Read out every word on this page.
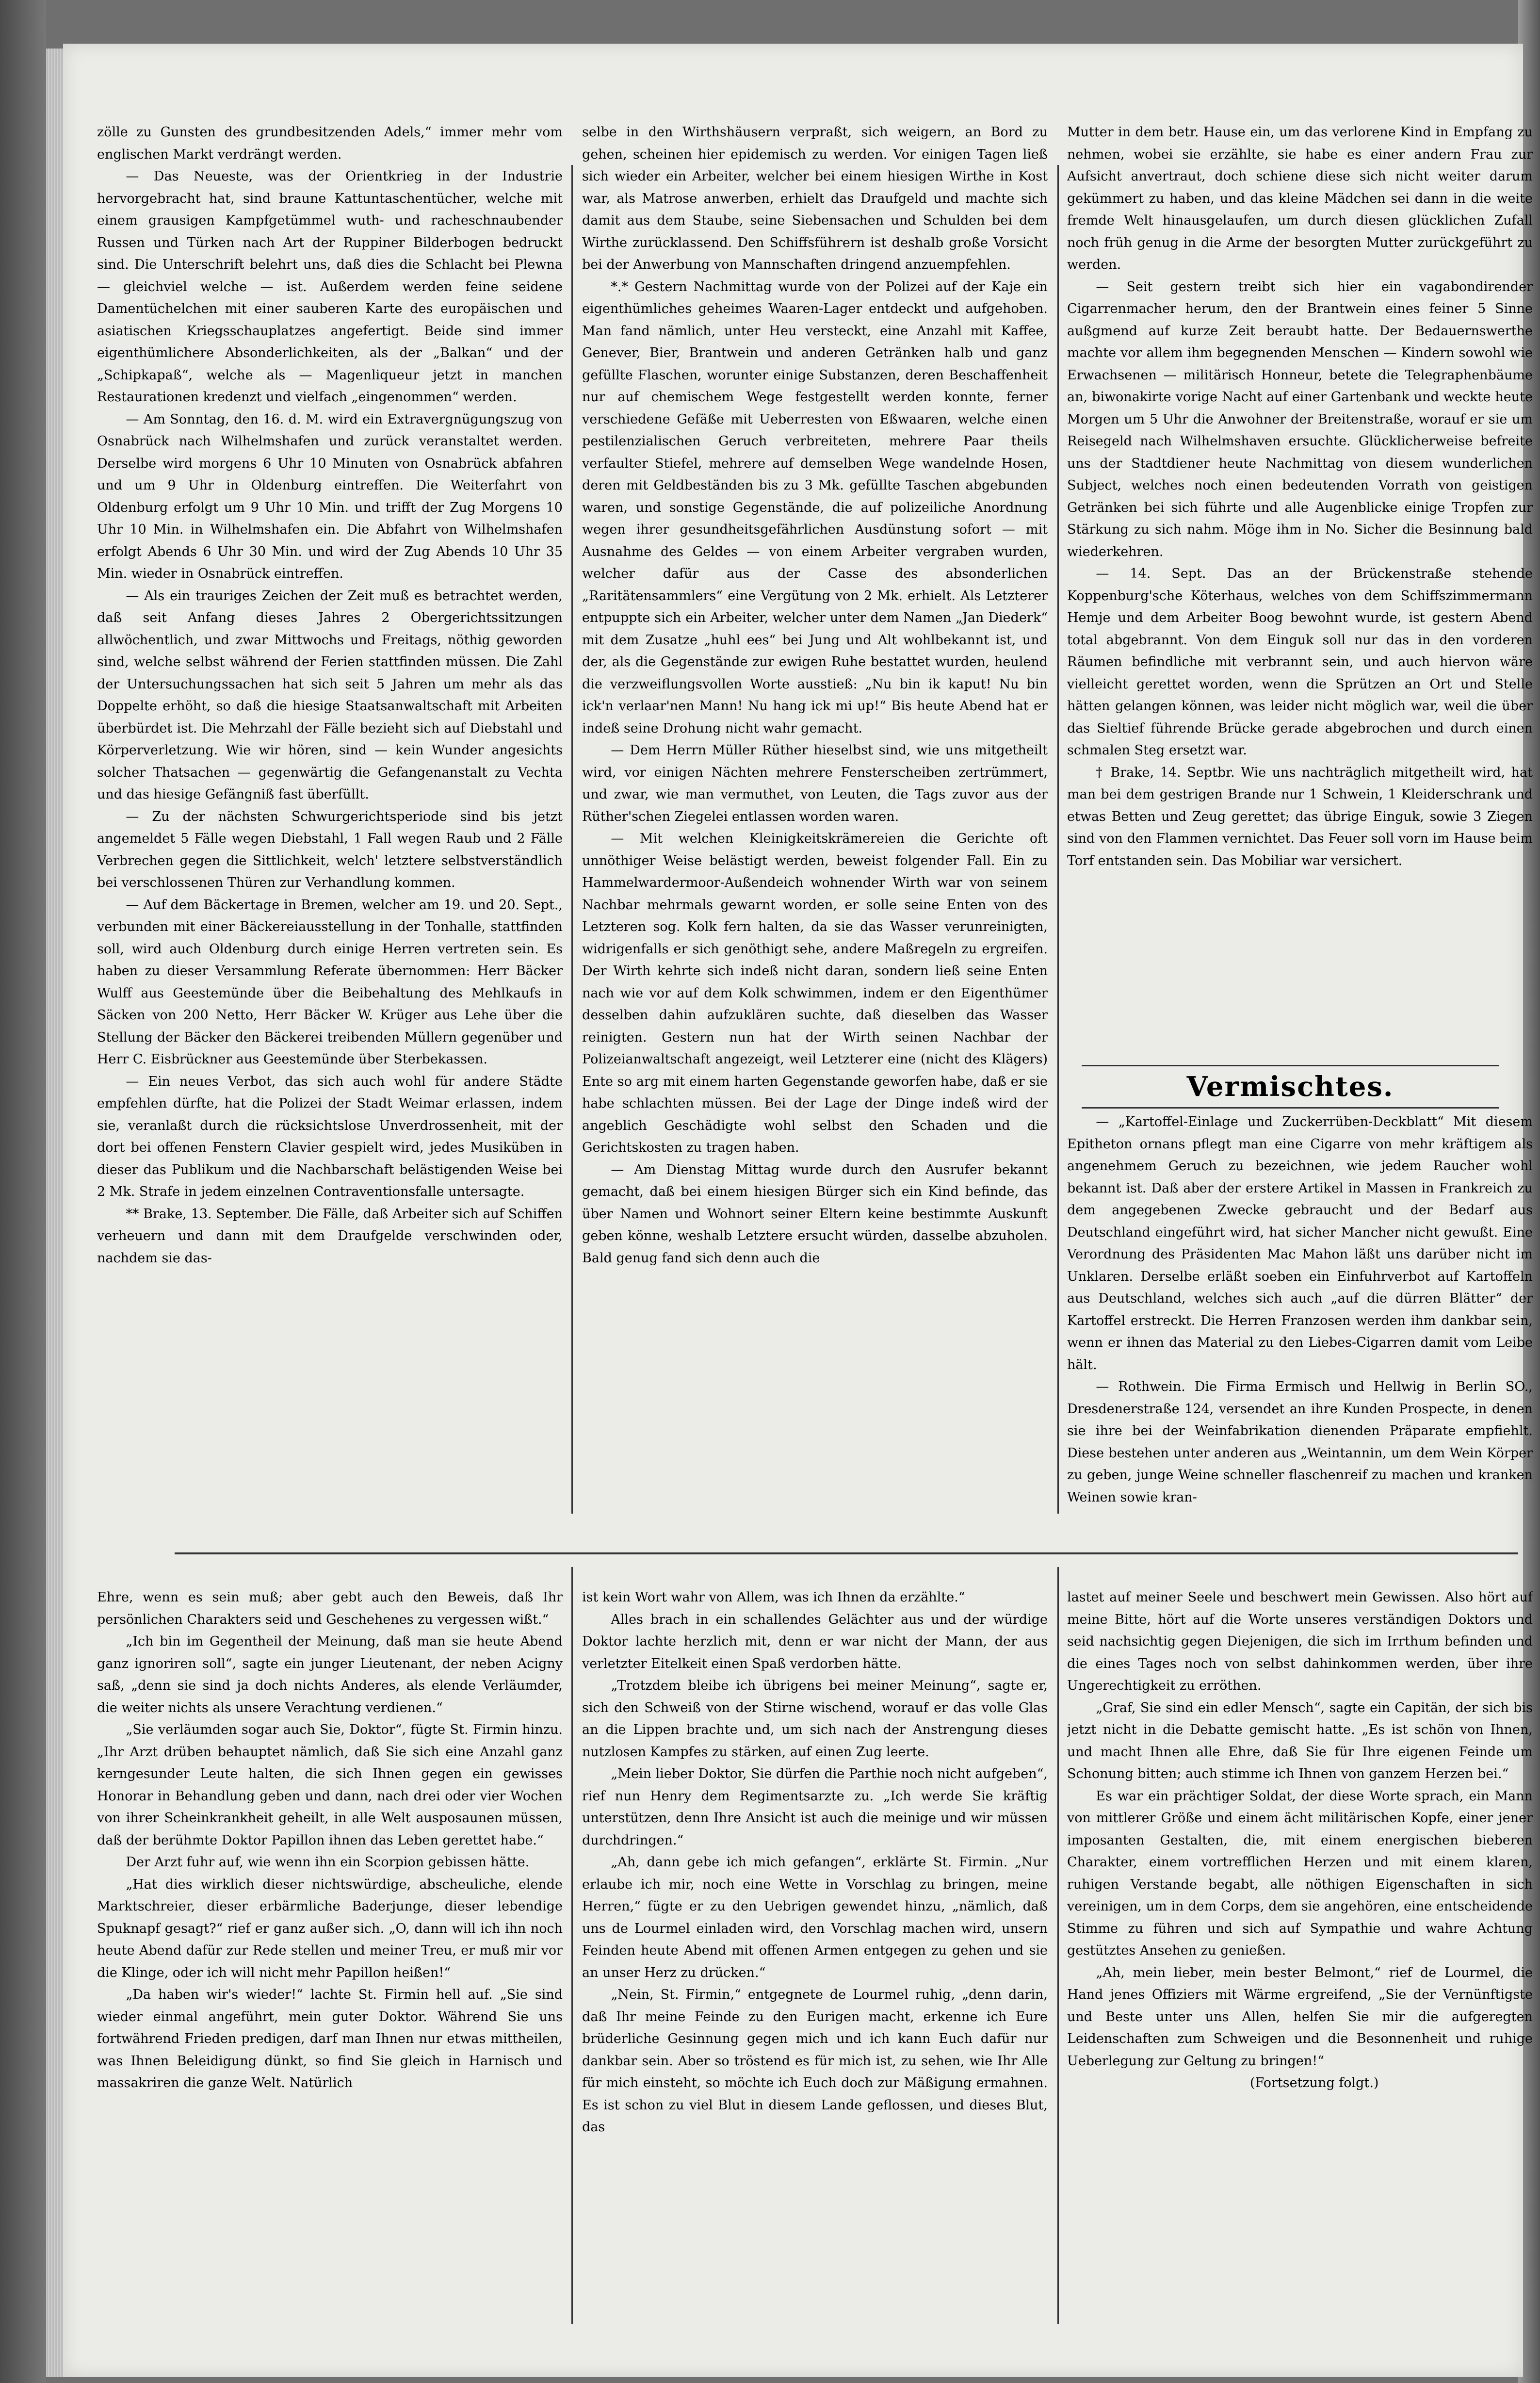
zölle zu Gunsten des grundbesitzenden Adels,“ immer mehr vom englischen Markt verdrängt werden.

— Das Neueste, was der Orientkrieg in der Industrie hervorgebracht hat, sind braune Kattuntaschentücher, welche mit einem grausigen Kampfgetümmel wuth- und racheschnaubender Russen und Türken nach Art der Ruppiner Bilderbogen bedruckt sind. Die Unterschrift belehrt uns, daß dies die Schlacht bei Plewna — gleichviel welche — ist. Außerdem werden feine seidene Damentüchelchen mit einer sauberen Karte des europäischen und asiatischen Kriegsschauplatzes angefertigt. Beide sind immer eigenthümlichere Absonderlichkeiten, als der „Balkan“ und der „Schipkapaß“, welche als — Magenliqueur jetzt in manchen Restaurationen kredenzt und vielfach „eingenommen“ werden.

— Am Sonntag, den 16. d. M. wird ein Extravergnügungszug von Osnabrück nach Wilhelmshafen und zurück veranstaltet werden. Derselbe wird morgens 6 Uhr 10 Minuten von Osnabrück abfahren und um 9 Uhr in Oldenburg eintreffen. Die Weiterfahrt von Oldenburg erfolgt um 9 Uhr 10 Min. und trifft der Zug Morgens 10 Uhr 10 Min. in Wilhelmshafen ein. Die Abfahrt von Wilhelmshafen erfolgt Abends 6 Uhr 30 Min. und wird der Zug Abends 10 Uhr 35 Min. wieder in Osnabrück eintreffen.

— Als ein trauriges Zeichen der Zeit muß es betrachtet werden, daß seit Anfang dieses Jahres 2 Obergerichtssitzungen allwöchentlich, und zwar Mittwochs und Freitags, nöthig geworden sind, welche selbst während der Ferien stattfinden müssen. Die Zahl der Untersuchungssachen hat sich seit 5 Jahren um mehr als das Doppelte erhöht, so daß die hiesige Staatsanwaltschaft mit Arbeiten überbürdet ist. Die Mehrzahl der Fälle bezieht sich auf Diebstahl und Körperverletzung. Wie wir hören, sind — kein Wunder angesichts solcher Thatsachen — gegenwärtig die Gefangenanstalt zu Vechta und das hiesige Gefängniß fast überfüllt.

— Zu der nächsten Schwurgerichtsperiode sind bis jetzt angemeldet 5 Fälle wegen Diebstahl, 1 Fall wegen Raub und 2 Fälle Verbrechen gegen die Sittlichkeit, welch' letztere selbstverständlich bei verschlossenen Thüren zur Verhandlung kommen.

— Auf dem Bäckertage in Bremen, welcher am 19. und 20. Sept., verbunden mit einer Bäckereiausstellung in der Tonhalle, stattfinden soll, wird auch Oldenburg durch einige Herren vertreten sein. Es haben zu dieser Versammlung Referate übernommen: Herr Bäcker Wulff aus Geestemünde über die Beibehaltung des Mehlkaufs in Säcken von 200 Netto, Herr Bäcker W. Krüger aus Lehe über die Stellung der Bäcker den Bäckerei treibenden Müllern gegenüber und Herr C. Eisbrückner aus Geestemünde über Sterbekassen.

— Ein neues Verbot, das sich auch wohl für andere Städte empfehlen dürfte, hat die Polizei der Stadt Weimar erlassen, indem sie, veranlaßt durch die rücksichtslose Unverdrossenheit, mit der dort bei offenen Fenstern Clavier gespielt wird, jedes Musiküben in dieser das Publikum und die Nachbarschaft belästigenden Weise bei 2 Mk. Strafe in jedem einzelnen Contraventionsfalle untersagte.

** Brake, 13. September. Die Fälle, daß Arbeiter sich auf Schiffen verheuern und dann mit dem Draufgelde verschwinden oder, nachdem sie das-

selbe in den Wirthshäusern verpraßt, sich weigern, an Bord zu gehen, scheinen hier epidemisch zu werden. Vor einigen Tagen ließ sich wieder ein Arbeiter, welcher bei einem hiesigen Wirthe in Kost war, als Matrose anwerben, erhielt das Draufgeld und machte sich damit aus dem Staube, seine Siebensachen und Schulden bei dem Wirthe zurücklassend. Den Schiffsführern ist deshalb große Vorsicht bei der Anwerbung von Mannschaften dringend anzuempfehlen.

*.* Gestern Nachmittag wurde von der Polizei auf der Kaje ein eigenthümliches geheimes Waaren-Lager entdeckt und aufgehoben. Man fand nämlich, unter Heu versteckt, eine Anzahl mit Kaffee, Genever, Bier, Brantwein und anderen Getränken halb und ganz gefüllte Flaschen, worunter einige Substanzen, deren Beschaffenheit nur auf chemischem Wege festgestellt werden konnte, ferner verschiedene Gefäße mit Ueberresten von Eßwaaren, welche einen pestilenzialischen Geruch verbreiteten, mehrere Paar theils verfaulter Stiefel, mehrere auf demselben Wege wandelnde Hosen, deren mit Geldbeständen bis zu 3 Mk. gefüllte Taschen abgebunden waren, und sonstige Gegenstände, die auf polizeiliche Anordnung wegen ihrer gesundheitsgefährlichen Ausdünstung sofort — mit Ausnahme des Geldes — von einem Arbeiter vergraben wurden, welcher dafür aus der Casse des absonderlichen „Raritätensammlers“ eine Vergütung von 2 Mk. erhielt. Als Letzterer entpuppte sich ein Arbeiter, welcher unter dem Namen „Jan Diederk“ mit dem Zusatze „huhl ees“ bei Jung und Alt wohlbekannt ist, und der, als die Gegenstände zur ewigen Ruhe bestattet wurden, heulend die verzweiflungsvollen Worte ausstieß: „Nu bin ik kaput! Nu bin ick'n verlaar'nen Mann! Nu hang ick mi up!“ Bis heute Abend hat er indeß seine Drohung nicht wahr gemacht.

— Dem Herrn Müller Rüther hieselbst sind, wie uns mitgetheilt wird, vor einigen Nächten mehrere Fensterscheiben zertrümmert, und zwar, wie man vermuthet, von Leuten, die Tags zuvor aus der Rüther'schen Ziegelei entlassen worden waren.

— Mit welchen Kleinigkeitskrämereien die Gerichte oft unnöthiger Weise belästigt werden, beweist folgender Fall. Ein zu Hammelwardermoor-Außendeich wohnender Wirth war von seinem Nachbar mehrmals gewarnt worden, er solle seine Enten von des Letzteren sog. Kolk fern halten, da sie das Wasser verunreinigten, widrigenfalls er sich genöthigt sehe, andere Maßregeln zu ergreifen. Der Wirth kehrte sich indeß nicht daran, sondern ließ seine Enten nach wie vor auf dem Kolk schwimmen, indem er den Eigenthümer desselben dahin aufzuklären suchte, daß dieselben das Wasser reinigten. Gestern nun hat der Wirth seinen Nachbar der Polizeianwaltschaft angezeigt, weil Letzterer eine (nicht des Klägers) Ente so arg mit einem harten Gegenstande geworfen habe, daß er sie habe schlachten müssen. Bei der Lage der Dinge indeß wird der angeblich Geschädigte wohl selbst den Schaden und die Gerichtskosten zu tragen haben.

— Am Dienstag Mittag wurde durch den Ausrufer bekannt gemacht, daß bei einem hiesigen Bürger sich ein Kind befinde, das über Namen und Wohnort seiner Eltern keine bestimmte Auskunft geben könne, weshalb Letztere ersucht würden, dasselbe abzuholen. Bald genug fand sich denn auch die

Mutter in dem betr. Hause ein, um das verlorene Kind in Empfang zu nehmen, wobei sie erzählte, sie habe es einer andern Frau zur Aufsicht anvertraut, doch schiene diese sich nicht weiter darum gekümmert zu haben, und das kleine Mädchen sei dann in die weite fremde Welt hinausgelaufen, um durch diesen glücklichen Zufall noch früh genug in die Arme der besorgten Mutter zurückgeführt zu werden.

— Seit gestern treibt sich hier ein vagabondirender Cigarrenmacher herum, den der Brantwein eines feiner 5 Sinne außgmend auf kurze Zeit beraubt hatte. Der Bedauernswerthe machte vor allem ihm begegnenden Menschen — Kindern sowohl wie Erwachsenen — militärisch Honneur, betete die Telegraphenbäume an, biwonakirte vorige Nacht auf einer Gartenbank und weckte heute Morgen um 5 Uhr die Anwohner der Breitenstraße, worauf er sie um Reisegeld nach Wilhelmshaven ersuchte. Glücklicherweise befreite uns der Stadtdiener heute Nachmittag von diesem wunderlichen Subject, welches noch einen bedeutenden Vorrath von geistigen Getränken bei sich führte und alle Augenblicke einige Tropfen zur Stärkung zu sich nahm. Möge ihm in No. Sicher die Besinnung bald wiederkehren.

— 14. Sept. Das an der Brückenstraße stehende Koppenburg'sche Köterhaus, welches von dem Schiffszimmermann Hemje und dem Arbeiter Boog bewohnt wurde, ist gestern Abend total abgebrannt. Von dem Einguk soll nur das in den vorderen Räumen befindliche mit verbrannt sein, und auch hiervon wäre vielleicht gerettet worden, wenn die Sprützen an Ort und Stelle hätten gelangen können, was leider nicht möglich war, weil die über das Sieltief führende Brücke gerade abgebrochen und durch einen schmalen Steg ersetzt war.

† Brake, 14. Septbr. Wie uns nachträglich mitgetheilt wird, hat man bei dem gestrigen Brande nur 1 Schwein, 1 Kleiderschrank und etwas Betten und Zeug gerettet; das übrige Einguk, sowie 3 Ziegen sind von den Flammen vernichtet. Das Feuer soll vorn im Hause beim Torf entstanden sein. Das Mobiliar war versichert.

Vermischtes.

— „Kartoffel-Einlage und Zuckerrüben-Deckblatt“ Mit diesem Epitheton ornans pflegt man eine Cigarre von mehr kräftigem als angenehmem Geruch zu bezeichnen, wie jedem Raucher wohl bekannt ist. Daß aber der erstere Artikel in Massen in Frankreich zu dem angegebenen Zwecke gebraucht und der Bedarf aus Deutschland eingeführt wird, hat sicher Mancher nicht gewußt. Eine Verordnung des Präsidenten Mac Mahon läßt uns darüber nicht im Unklaren. Derselbe erläßt soeben ein Einfuhrverbot auf Kartoffeln aus Deutschland, welches sich auch „auf die dürren Blätter“ der Kartoffel erstreckt. Die Herren Franzosen werden ihm dankbar sein, wenn er ihnen das Material zu den Liebes-Cigarren damit vom Leibe hält.

— Rothwein. Die Firma Ermisch und Hellwig in Berlin SO., Dresdenerstraße 124, versendet an ihre Kunden Prospecte, in denen sie ihre bei der Weinfabrikation dienenden Präparate empfiehlt. Diese bestehen unter anderen aus „Weintannin, um dem Wein Körper zu geben, junge Weine schneller flaschenreif zu machen und kranken Weinen sowie kran-

Ehre, wenn es sein muß; aber gebt auch den Beweis, daß Ihr persönlichen Charakters seid und Geschehenes zu vergessen wißt.“

„Ich bin im Gegentheil der Meinung, daß man sie heute Abend ganz ignoriren soll“, sagte ein junger Lieutenant, der neben Acigny saß, „denn sie sind ja doch nichts Anderes, als elende Verläumder, die weiter nichts als unsere Verachtung verdienen.“

„Sie verläumden sogar auch Sie, Doktor“, fügte St. Firmin hinzu. „Ihr Arzt drüben behauptet nämlich, daß Sie sich eine Anzahl ganz kerngesunder Leute halten, die sich Ihnen gegen ein gewisses Honorar in Behandlung geben und dann, nach drei oder vier Wochen von ihrer Scheinkrankheit geheilt, in alle Welt ausposaunen müssen, daß der berühmte Doktor Papillon ihnen das Leben gerettet habe.“

Der Arzt fuhr auf, wie wenn ihn ein Scorpion gebissen hätte.

„Hat dies wirklich dieser nichtswürdige, abscheuliche, elende Marktschreier, dieser erbärmliche Baderjunge, dieser lebendige Spuknapf gesagt?“ rief er ganz außer sich. „O, dann will ich ihn noch heute Abend dafür zur Rede stellen und meiner Treu, er muß mir vor die Klinge, oder ich will nicht mehr Papillon heißen!“

„Da haben wir's wieder!“ lachte St. Firmin hell auf. „Sie sind wieder einmal angeführt, mein guter Doktor. Während Sie uns fortwährend Frieden predigen, darf man Ihnen nur etwas mittheilen, was Ihnen Beleidigung dünkt, so find Sie gleich in Harnisch und massakriren die ganze Welt. Natürlich

ist kein Wort wahr von Allem, was ich Ihnen da erzählte.“

Alles brach in ein schallendes Gelächter aus und der würdige Doktor lachte herzlich mit, denn er war nicht der Mann, der aus verletzter Eitelkeit einen Spaß verdorben hätte.

„Trotzdem bleibe ich übrigens bei meiner Meinung“, sagte er, sich den Schweiß von der Stirne wischend, worauf er das volle Glas an die Lippen brachte und, um sich nach der Anstrengung dieses nutzlosen Kampfes zu stärken, auf einen Zug leerte.

„Mein lieber Doktor, Sie dürfen die Parthie noch nicht aufgeben“, rief nun Henry dem Regimentsarzte zu. „Ich werde Sie kräftig unterstützen, denn Ihre Ansicht ist auch die meinige und wir müssen durchdringen.“

„Ah, dann gebe ich mich gefangen“, erklärte St. Firmin. „Nur erlaube ich mir, noch eine Wette in Vorschlag zu bringen, meine Herren,“ fügte er zu den Uebrigen gewendet hinzu, „nämlich, daß uns de Lourmel einladen wird, den Vorschlag machen wird, unsern Feinden heute Abend mit offenen Armen entgegen zu gehen und sie an unser Herz zu drücken.“

„Nein, St. Firmin,“ entgegnete de Lourmel ruhig, „denn darin, daß Ihr meine Feinde zu den Eurigen macht, erkenne ich Eure brüderliche Gesinnung gegen mich und ich kann Euch dafür nur dankbar sein. Aber so tröstend es für mich ist, zu sehen, wie Ihr Alle für mich einsteht, so möchte ich Euch doch zur Mäßigung ermahnen. Es ist schon zu viel Blut in diesem Lande geflossen, und dieses Blut, das

lastet auf meiner Seele und beschwert mein Gewissen. Also hört auf meine Bitte, hört auf die Worte unseres verständigen Doktors und seid nachsichtig gegen Diejenigen, die sich im Irrthum befinden und die eines Tages noch von selbst dahinkommen werden, über ihre Ungerechtigkeit zu erröthen.

„Graf, Sie sind ein edler Mensch“, sagte ein Capitän, der sich bis jetzt nicht in die Debatte gemischt hatte. „Es ist schön von Ihnen, und macht Ihnen alle Ehre, daß Sie für Ihre eigenen Feinde um Schonung bitten; auch stimme ich Ihnen von ganzem Herzen bei.“

Es war ein prächtiger Soldat, der diese Worte sprach, ein Mann von mittlerer Größe und einem ächt militärischen Kopfe, einer jener imposanten Gestalten, die, mit einem energischen bieberen Charakter, einem vortrefflichen Herzen und mit einem klaren, ruhigen Verstande begabt, alle nöthigen Eigenschaften in sich vereinigen, um in dem Corps, dem sie angehören, eine entscheidende Stimme zu führen und sich auf Sympathie und wahre Achtung gestütztes Ansehen zu genießen.

„Ah, mein lieber, mein bester Belmont,“ rief de Lourmel, die Hand jenes Offiziers mit Wärme ergreifend, „Sie der Vernünftigste und Beste unter uns Allen, helfen Sie mir die aufgeregten Leidenschaften zum Schweigen und die Besonnenheit und ruhige Ueberlegung zur Geltung zu bringen!“

(Fortsetzung folgt.)
